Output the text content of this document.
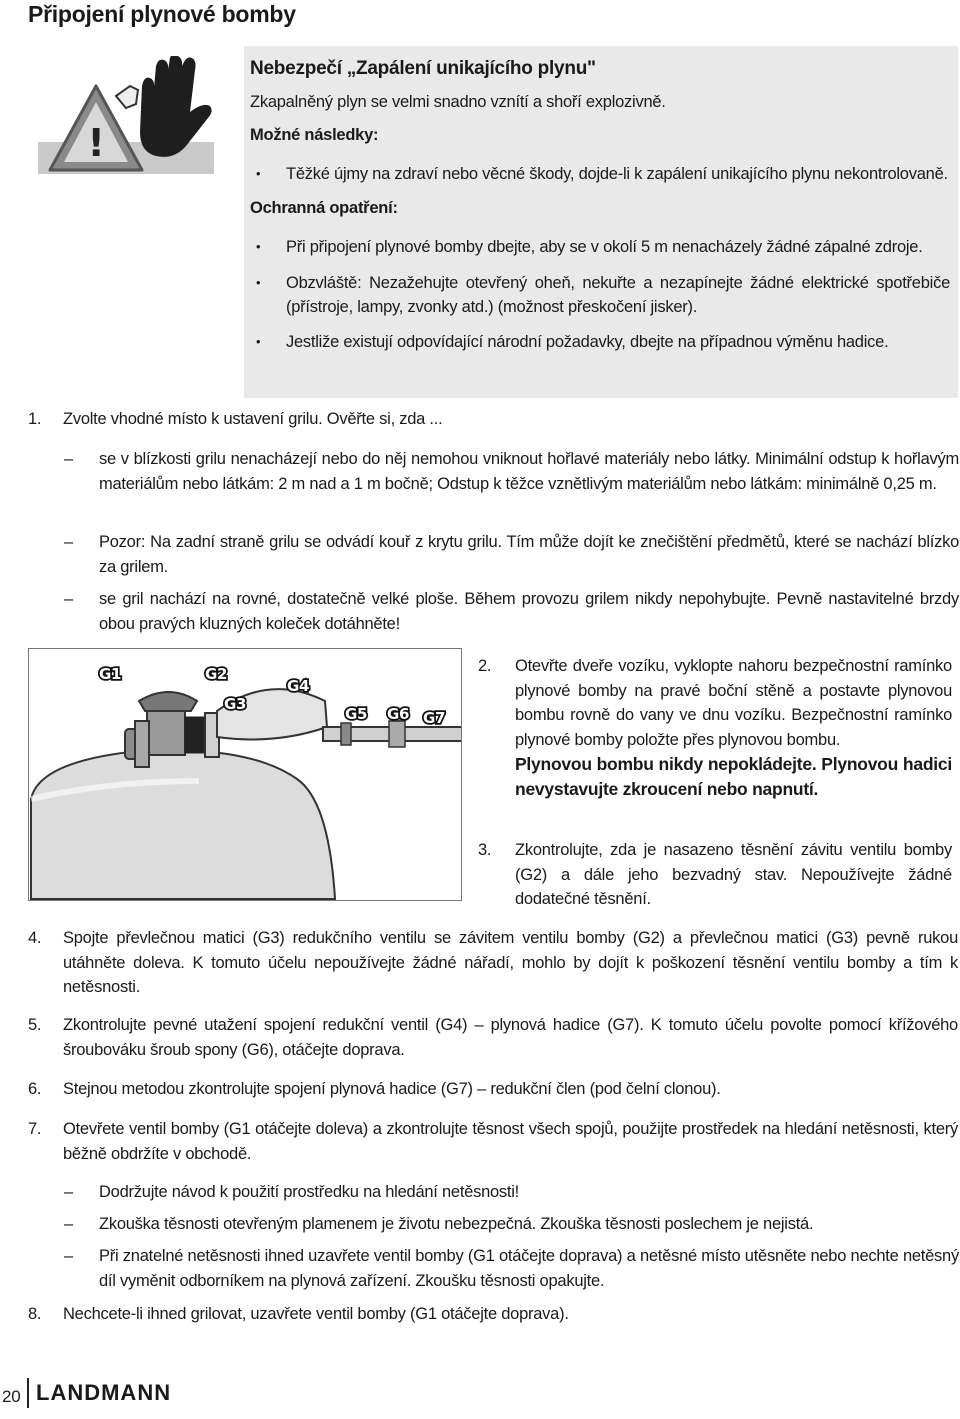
Připojení plynové bomby
!
Nebezpečí „Zapálení unikajícího plynu"
Zkapalněný plyn se velmi snadno vznítí a shoří explozivně.
Možné následky:
• Těžké újmy na zdraví nebo věcné škody, dojde-li k zapálení unikajícího plynu nekontrolovaně.
Ochranná opatření:
• Při připojení plynové bomby dbejte, aby se v okolí 5 m nenacházely žádné zápalné zdroje.
• Obzvláště: Nezažehujte otevřený oheň, nekuřte a nezapínejte žádné elektrické spotřebiče (přístroje, lampy, zvonky atd.) (možnost přeskočení jisker).
• Jestliže existují odpovídající národní požadavky, dbejte na případnou výměnu hadice.
1.	Zvolte vhodné místo k ustavení grilu. Ověřte si, zda ...
–	se v blízkosti grilu nenacházejí nebo do něj nemohou vniknout hořlavé materiály nebo látky. Minimální odstup k hořlavým materiálům nebo látkám: 2 m nad a 1 m bočně; Odstup k těžce vznětlivým materiálům nebo látkám: minimálně 0,25 m.
–	Pozor: Na zadní straně grilu se odvádí kouř z krytu grilu. Tím může dojít ke znečištění předmětů, které se nachází blízko za grilem.
–	se gril nachází na rovné, dostatečně velké ploše. Během provozu grilem nikdy nepohybujte. Pevně nastavitelné brzdy obou pravých kluzných koleček dotáhněte!
G1	G2
G3
G4
G5 G6 G7
2.	Otevřte dveře vozíku, vyklopte nahoru bezpečnostní ramínko plynové bomby na pravé boční stěně a postavte plynovou bombu rovně do vany ve dnu vozíku. Bezpečnostní ramínko plynové bomby položte přes plynovou bombu.
Plynovou bombu nikdy nepokládejte. Plynovou hadici nevystavujte zkroucení nebo napnutí.
3.	Zkontrolujte, zda je nasazeno těsnění závitu ventilu bomby (G2) a dále jeho bezvadný stav. Nepoužívejte žádné dodatečné těsnění.
4.	Spojte převlečnou matici (G3) redukčního ventilu se závitem ventilu bomby (G2) a převlečnou matici (G3) pevně rukou utáhněte doleva. K tomuto účelu nepoužívejte žádné nářadí, mohlo by dojít k poškození těsnění ventilu bomby a tím k netěsnosti.
5.	Zkontrolujte pevné utažení spojení redukční ventil (G4) – plynová hadice (G7). K tomuto účelu povolte pomocí křížového šroubováku šroub spony (G6), otáčejte doprava.
6.	Stejnou metodou zkontrolujte spojení plynová hadice (G7) – redukční člen (pod čelní clonou).
7.	Otevřete ventil bomby (G1 otáčejte doleva) a zkontrolujte těsnost všech spojů, použijte prostředek na hledání netěsnosti, který běžně obdržíte v obchodě.
–	Dodržujte návod k použití prostředku na hledání netěsnosti!
–	Zkouška těsnosti otevřeným plamenem je životu nebezpečná. Zkouška těsnosti poslechem je nejistá.
–	Při znatelné netěsnosti ihned uzavřete ventil bomby (G1 otáčejte doprava) a netěsné místo utěsněte nebo nechte netěsný díl vyměnit odborníkem na plynová zařízení. Zkoušku těsnosti opakujte.
8.	Nechcete-li ihned grilovat, uzavřete ventil bomby (G1 otáčejte doprava).
20 LANDMANN
